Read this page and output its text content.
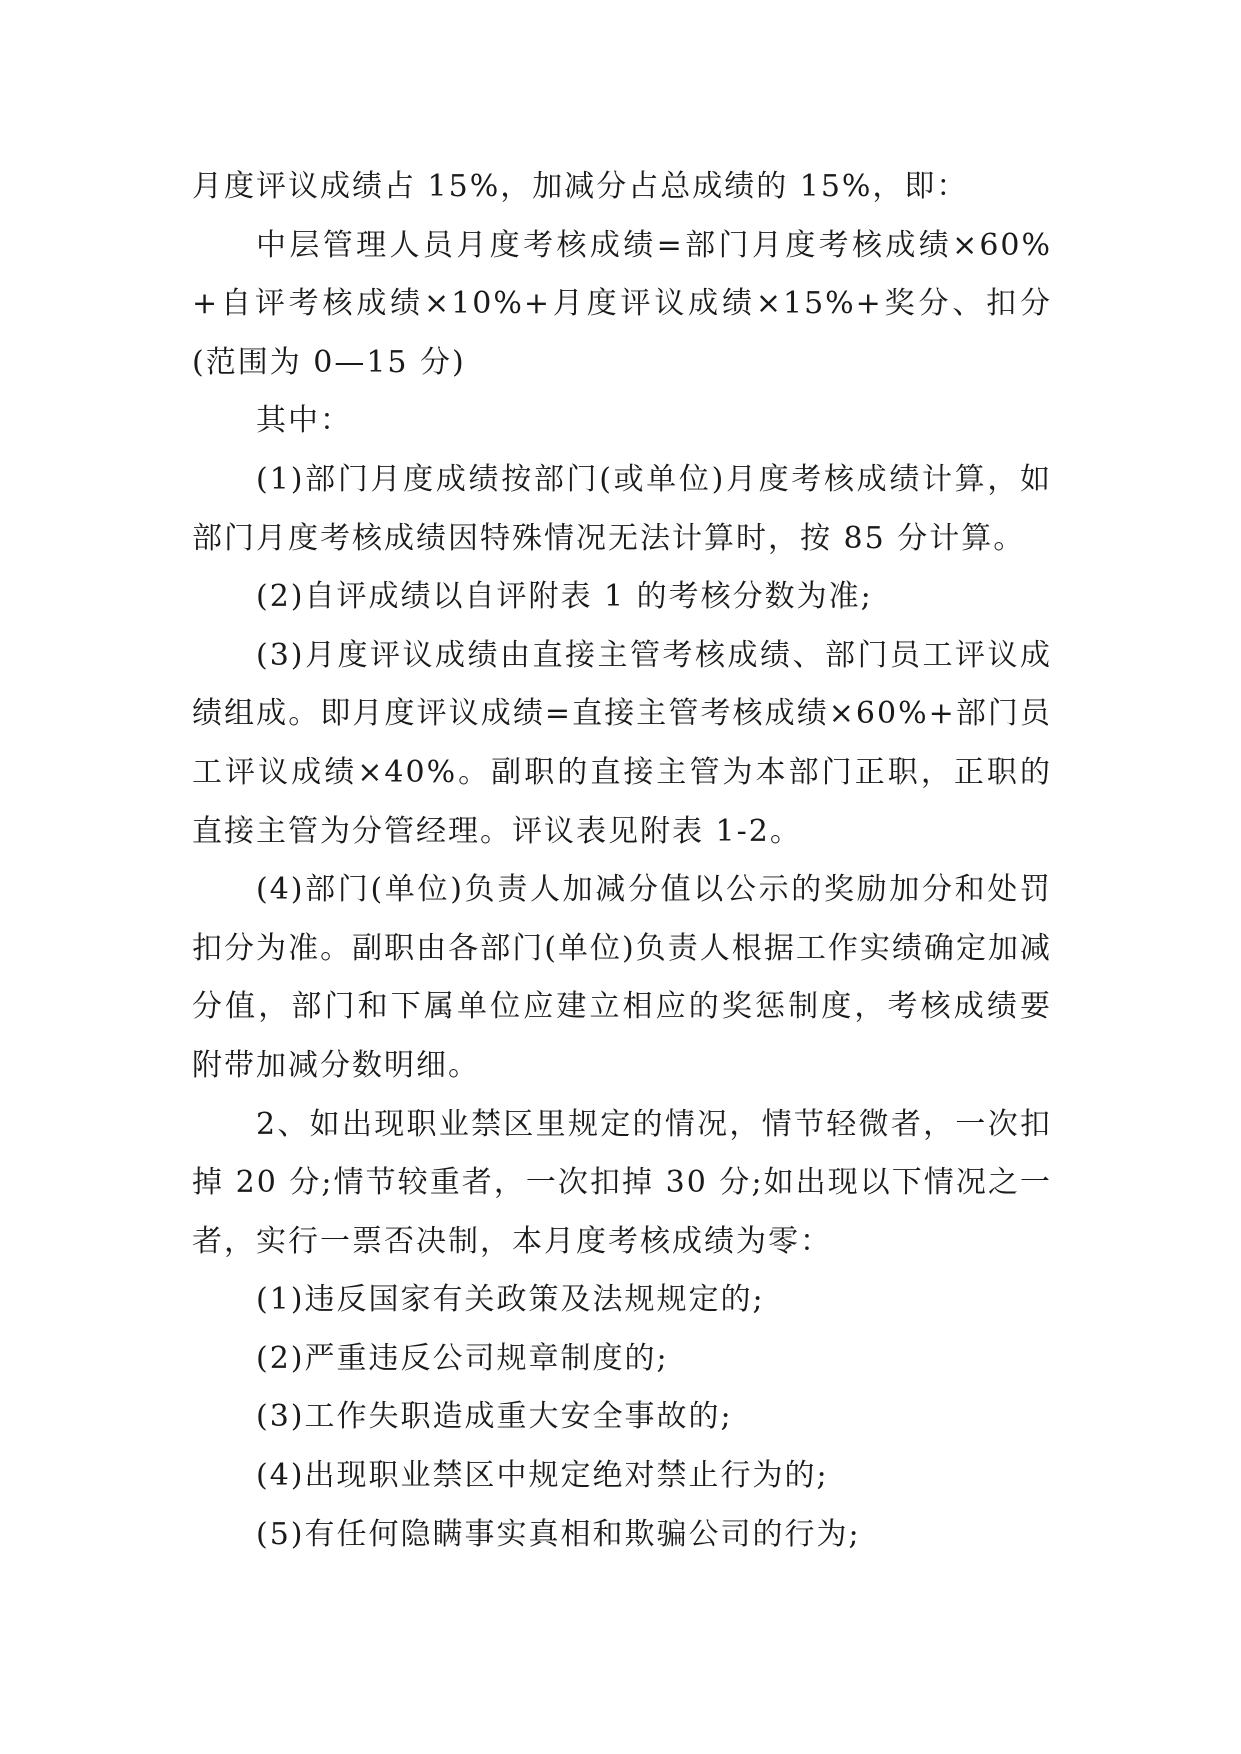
月度评议成绩占 15%，加减分占总成绩的 15%，即：

中层管理人员月度考核成绩=部门月度考核成绩×60%+自评考核成绩×10%+月度评议成绩×15%+奖分、扣分(范围为 0—15 分)

其中：

(1)部门月度成绩按部门(或单位)月度考核成绩计算，如部门月度考核成绩因特殊情况无法计算时，按 85 分计算。

(2)自评成绩以自评附表 1 的考核分数为准;

(3)月度评议成绩由直接主管考核成绩、部门员工评议成绩组成。即月度评议成绩=直接主管考核成绩×60%+部门员工评议成绩×40%。副职的直接主管为本部门正职，正职的直接主管为分管经理。评议表见附表 1-2。

(4)部门(单位)负责人加减分值以公示的奖励加分和处罚扣分为准。副职由各部门(单位)负责人根据工作实绩确定加减分值，部门和下属单位应建立相应的奖惩制度，考核成绩要附带加减分数明细。

2、如出现职业禁区里规定的情况，情节轻微者，一次扣掉 20 分;情节较重者，一次扣掉 30 分;如出现以下情况之一者，实行一票否决制，本月度考核成绩为零：

(1)违反国家有关政策及法规规定的;

(2)严重违反公司规章制度的;

(3)工作失职造成重大安全事故的;

(4)出现职业禁区中规定绝对禁止行为的;

(5)有任何隐瞒事实真相和欺骗公司的行为;
